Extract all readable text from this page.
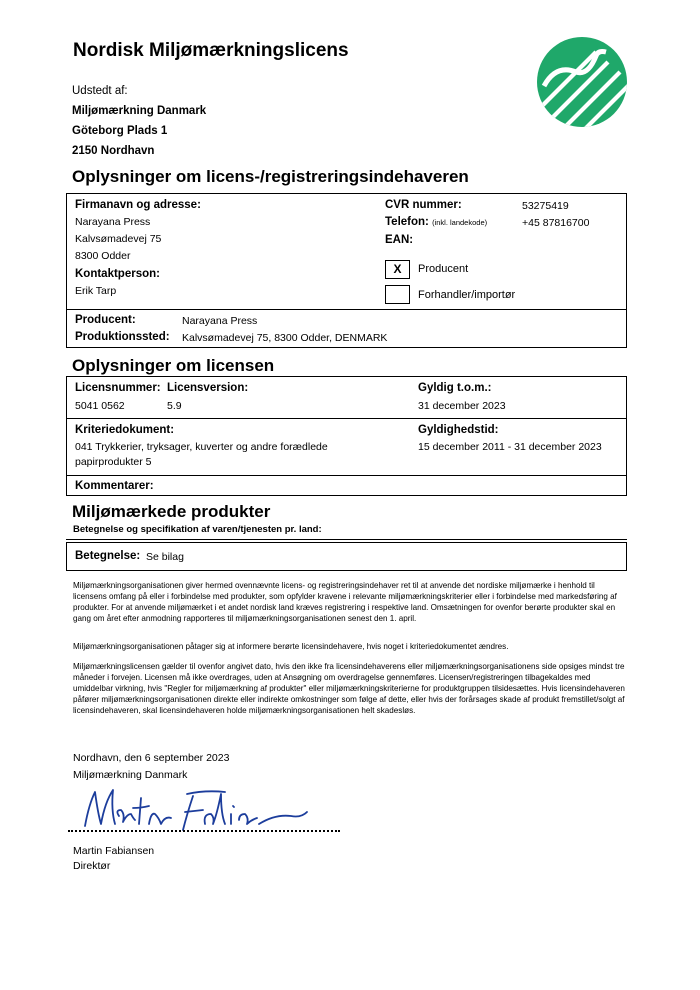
Nordisk Miljømærkningslicens
Udstedt af:
Miljømærkning Danmark
Göteborg Plads 1
2150 Nordhavn
Oplysninger om licens-/registreringsindehaveren
Firmanavn og adresse:
Narayana Press
Kalvsømadevej 75
8300 Odder
Kontaktperson:
Erik Tarp
CVR nummer:	53275419
Telefon: (inkl. landekode)	+45 87816700
EAN:
X	Producent
Forhandler/importør
Producent:	Narayana Press
Produktionssted: Kalvsømadevej 75, 8300 Odder, DENMARK
Oplysninger om licensen
Licensnummer:
5041 0562
Licensversion:
5.9
Gyldig t.o.m.:
31 december 2023
Kriteriedokument:
041 Trykkerier, tryksager, kuverter og andre forædlede
papirprodukter 5
Gyldighedstid:
15 december 2011 - 31 december 2023
Kommentarer:
Miljømærkede produkter
Betegnelse og specifikation af varen/tjenesten pr. land:
Betegnelse: Se bilag
Miljømærkningsorganisationen giver hermed ovennævnte licens- og registreringsindehaver ret til at anvende det nordiske miljømærke i henhold til licensens omfang på eller i forbindelse med produkter, som opfylder kravene i relevante miljømærkningskriterier eller i forbindelse med markedsføring af produkter. For at anvende miljømærket i et andet nordisk land kræves registrering i respektive land. Omsætningen for ovenfor berørte produkter skal en gang om året efter anmodning rapporteres til miljømærkningsorganisationen senest den 1. april.
Miljømærkningsorganisationen påtager sig at informere berørte licensindehavere, hvis noget i kriteriedokumentet ændres.
Miljømærkningslicensen gælder til ovenfor angivet dato, hvis den ikke fra licensindehaverens eller miljømærkningsorganisationens side opsiges mindst tre måneder i forvejen. Licensen må ikke overdrages, uden at Ansøgning om overdragelse gennemføres. Licensen/registreringen tilbagekaldes med umiddelbar virkning, hvis "Regler for miljømærkning af produkter" eller miljømærkningskriterierne for produktgruppen tilsidesættes. Hvis licensindehaveren påfører miljømærkningsorganisationen direkte eller indirekte omkostninger som følge af dette, eller hvis der forårsages skade af produkt fremstillet/solgt af licensindehaveren, skal licensindehaveren holde miljømærkningsorganisationen helt skadesløs.
Nordhavn, den 6 september 2023
Miljømærkning Danmark
Martin Fabiansen
Direktør
